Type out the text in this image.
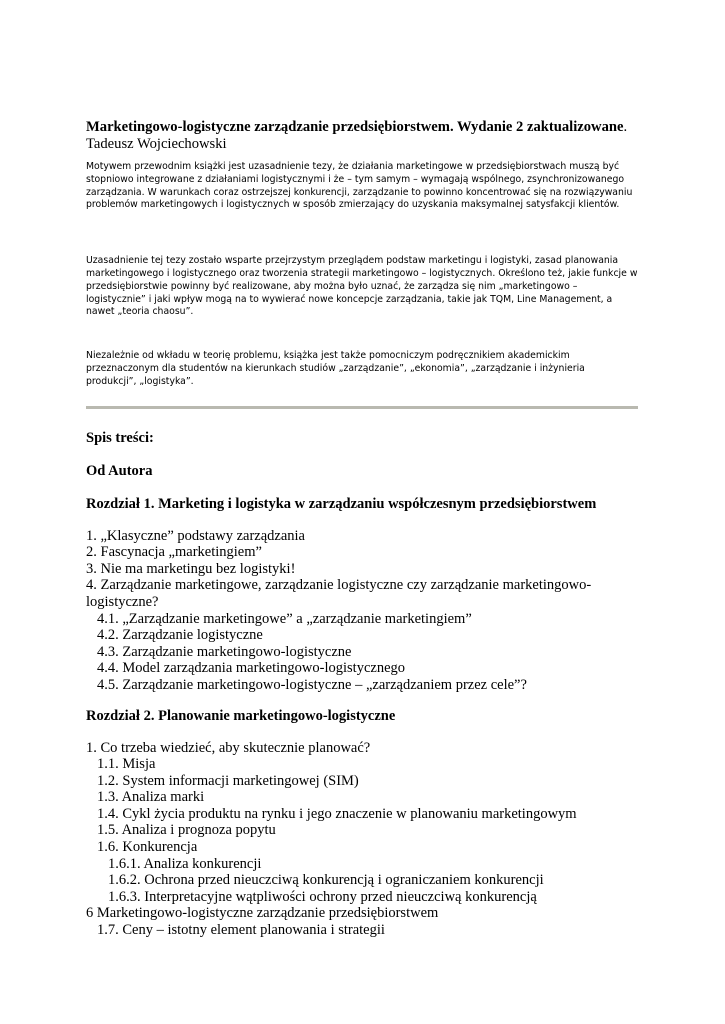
Marketingowo-logistyczne zarządzanie przedsiębiorstwem. Wydanie 2 zaktualizowane.
Tadeusz Wojciechowski

Motywem przewodnim książki jest uzasadnienie tezy, że działania marketingowe w przedsiębiorstwach muszą być stopniowo integrowane z działaniami logistycznymi i że – tym samym – wymagają wspólnego, zsynchronizowanego zarządzania. W warunkach coraz ostrzejszej konkurencji, zarządzanie to powinno koncentrować się na rozwiązywaniu problemów marketingowych i logistycznych w sposób zmierzający do uzyskania maksymalnej satysfakcji klientów.

Uzasadnienie tej tezy zostało wsparte przejrzystym przeglądem podstaw marketingu i logistyki, zasad planowania marketingowego i logistycznego oraz tworzenia strategii marketingowo – logistycznych. Określono też, jakie funkcje w przedsiębiorstwie powinny być realizowane, aby można było uznać, że zarządza się nim „marketingowo – logistycznie” i jaki wpływ mogą na to wywierać nowe koncepcje zarządzania, takie jak TQM, Line Management, a nawet „teoria chaosu”.

Niezależnie od wkładu w teorię problemu, książka jest także pomocniczym podręcznikiem akademickim przeznaczonym dla studentów na kierunkach studiów „zarządzanie”, „ekonomia”, „zarządzanie i inżynieria produkcji”, „logistyka”.

Spis treści:
Od Autora
Rozdział 1. Marketing i logistyka w zarządzaniu współczesnym przedsiębiorstwem
1. „Klasyczne” podstawy zarządzania
2. Fascynacja „marketingiem”
3. Nie ma marketingu bez logistyki!
4. Zarządzanie marketingowe, zarządzanie logistyczne czy zarządzanie marketingowo-logistyczne?
4.1. „Zarządzanie marketingowe” a „zarządzanie marketingiem”
4.2. Zarządzanie logistyczne
4.3. Zarządzanie marketingowo-logistyczne
4.4. Model zarządzania marketingowo-logistycznego
4.5. Zarządzanie marketingowo-logistyczne – „zarządzaniem przez cele”?
Rozdział 2. Planowanie marketingowo-logistyczne
1. Co trzeba wiedzieć, aby skutecznie planować?
1.1. Misja
1.2. System informacji marketingowej (SIM)
1.3. Analiza marki
1.4. Cykl życia produktu na rynku i jego znaczenie w planowaniu marketingowym
1.5. Analiza i prognoza popytu
1.6. Konkurencja
1.6.1. Analiza konkurencji
1.6.2. Ochrona przed nieuczciwą konkurencją i ograniczaniem konkurencji
1.6.3. Interpretacyjne wątpliwości ochrony przed nieuczciwą konkurencją
6 Marketingowo-logistyczne zarządzanie przedsiębiorstwem
1.7. Ceny – istotny element planowania i strategii
